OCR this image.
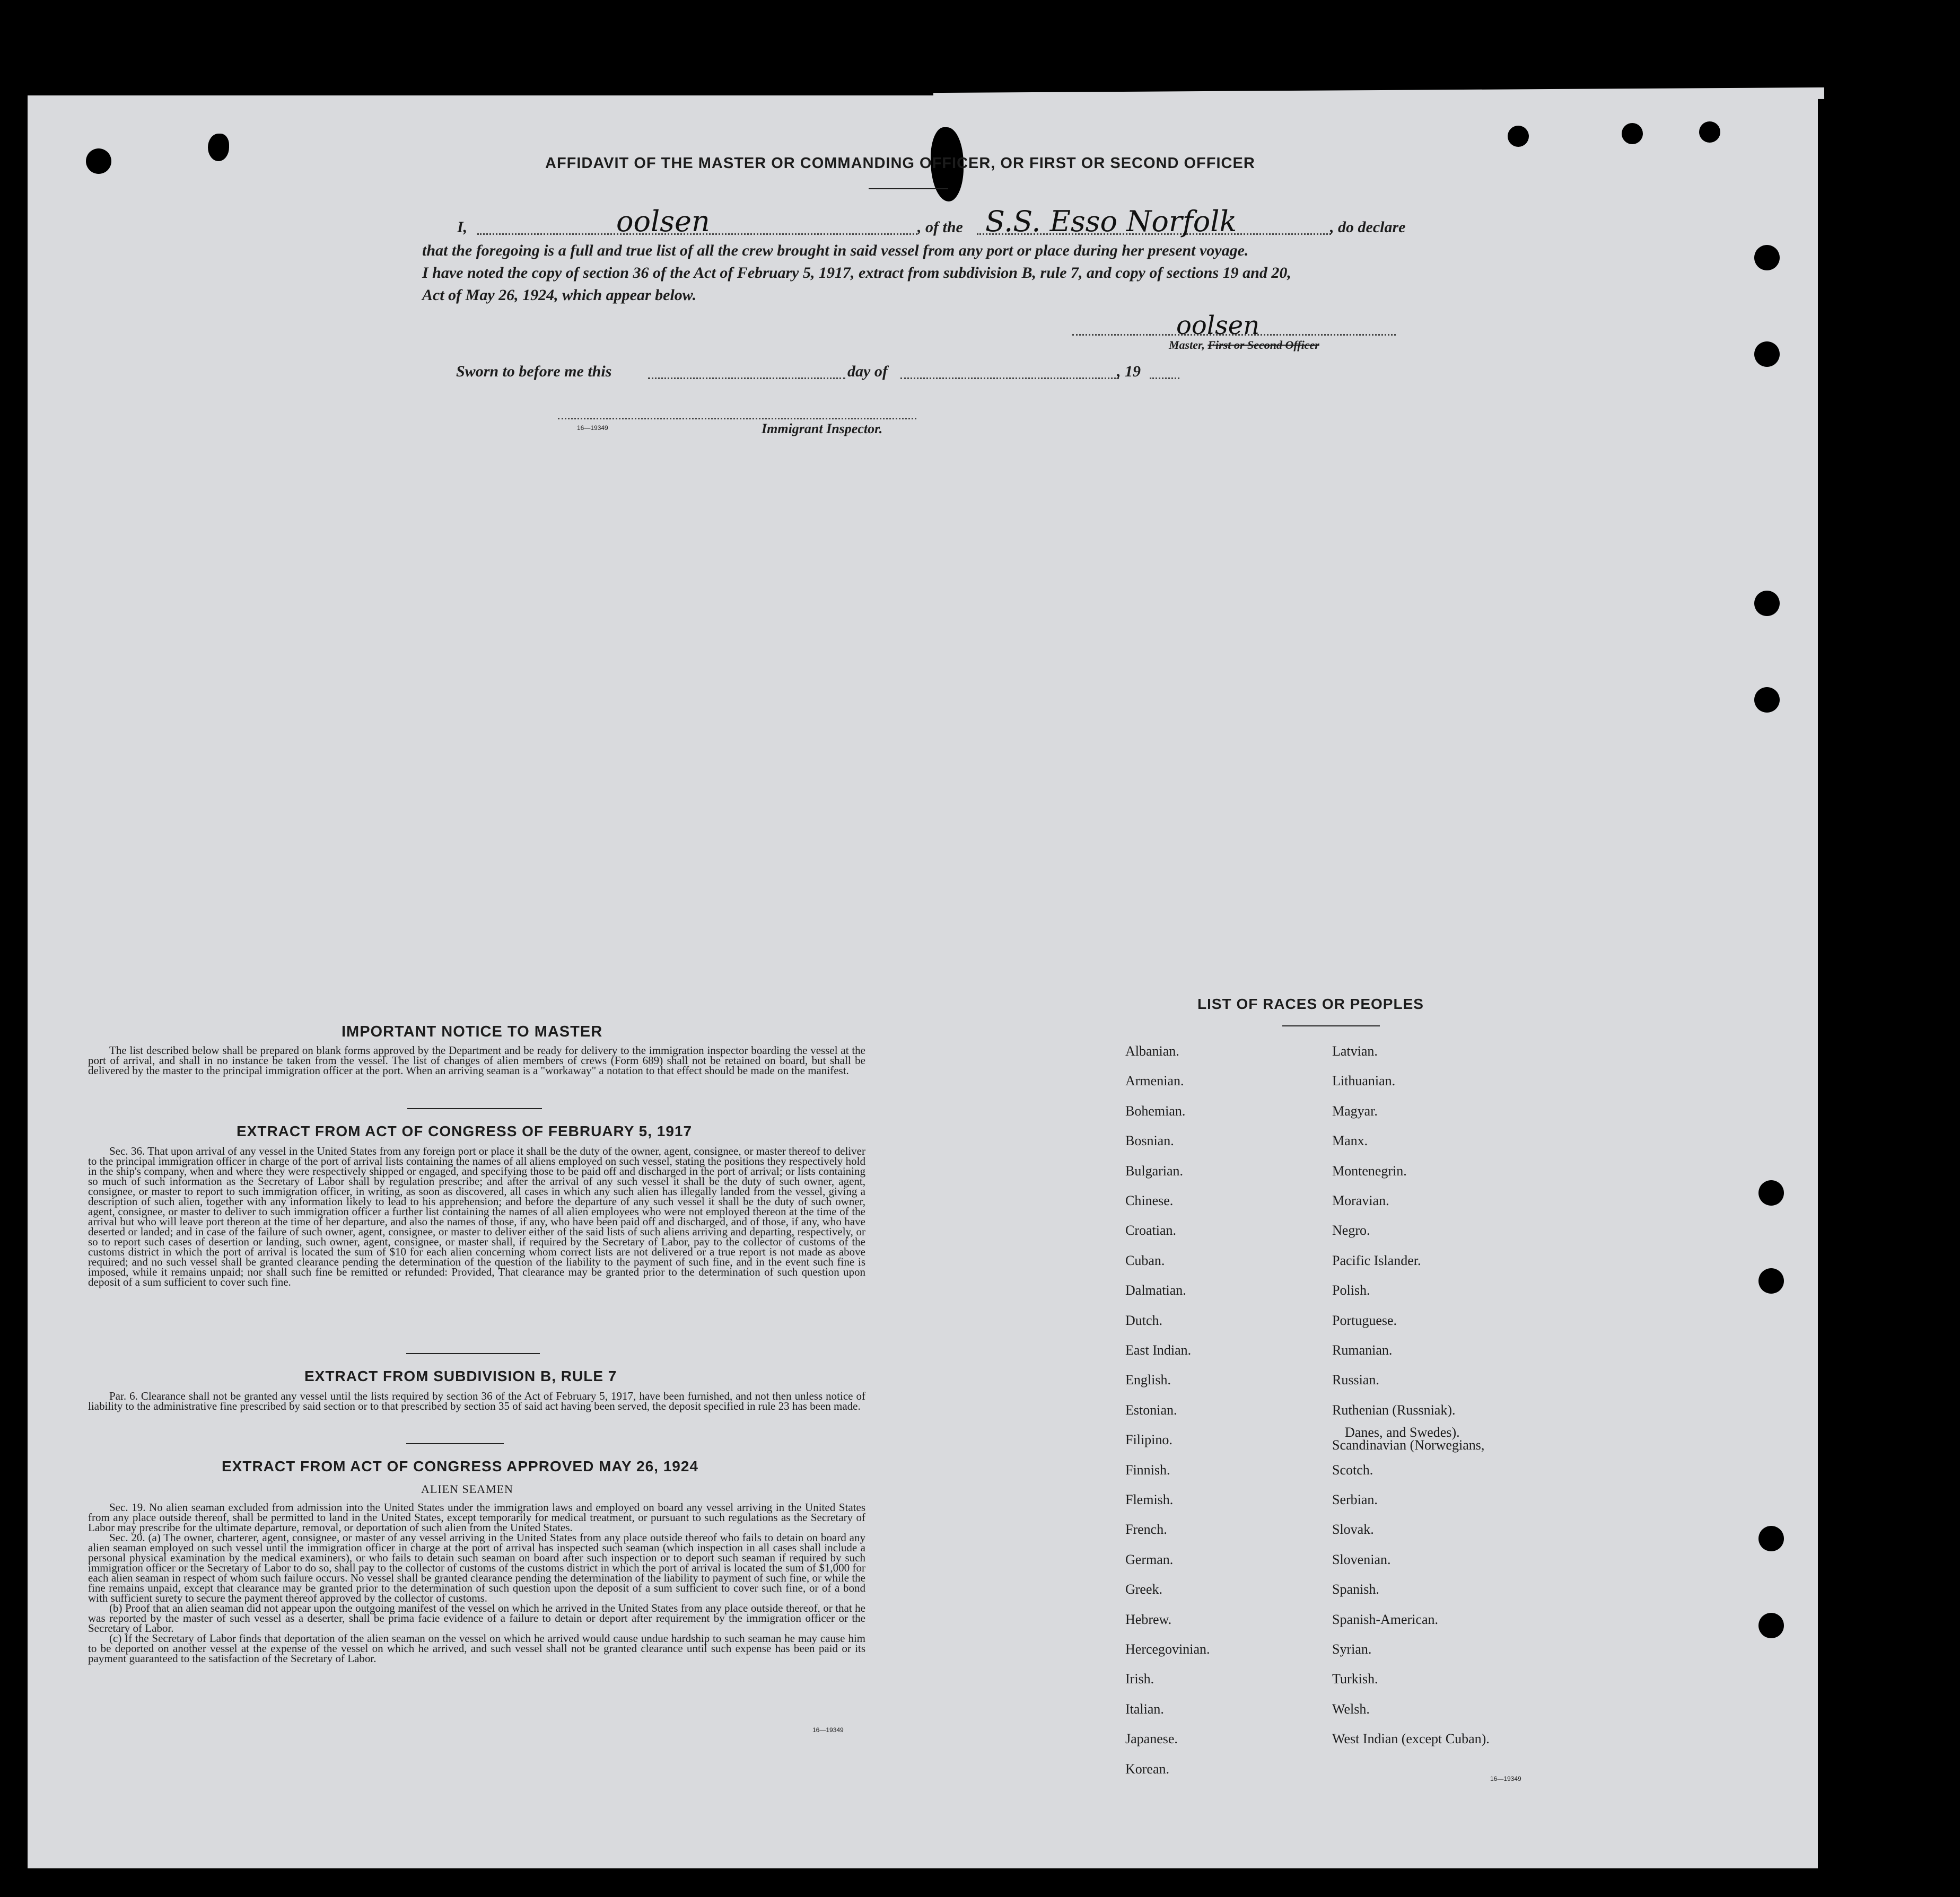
AFFIDAVIT OF THE MASTER OR COMMANDING OFFICER, OR FIRST OR SECOND OFFICER
I,	oolsen	, of the S.S. Esso Norfolk	, do declare
that the foregoing is a full and true list of all the crew brought in said vessel from any port or place during her present voyage.
I have noted the copy of section 36 of the Act of February 5, 1917, extract from subdivision B, rule 7, and copy of sections 19 and 20,
Act of May 26, 1924, which appear below.
oolsen
Master, First or Second Officer
Sworn to before me this	day of	, 19
16—19349	Immigrant Inspector.
IMPORTANT NOTICE TO MASTER

The list described below shall be prepared on blank forms approved by the Department and be ready for delivery to the immigration inspector boarding the vessel at the port of arrival, and shall in no instance be taken from the vessel. The list of changes of alien members of crews (Form 689) shall not be retained on board, but shall be delivered by the master to the principal immigration officer at the port. When an arriving seaman is a "workaway" a notation to that effect should be made on the manifest.

EXTRACT FROM ACT OF CONGRESS OF FEBRUARY 5, 1917

Sec. 36. That upon arrival of any vessel in the United States from any foreign port or place it shall be the duty of the owner, agent, consignee, or master thereof to deliver to the principal immigration officer in charge of the port of arrival lists containing the names of all aliens employed on such vessel, stating the positions they respectively hold in the ship's company, when and where they were respectively shipped or engaged, and specifying those to be paid off and discharged in the port of arrival; or lists containing so much of such information as the Secretary of Labor shall by regulation prescribe; and after the arrival of any such vessel it shall be the duty of such owner, agent, consignee, or master to report to such immigration officer, in writing, as soon as discovered, all cases in which any such alien has illegally landed from the vessel, giving a description of such alien, together with any information likely to lead to his apprehension; and before the departure of any such vessel it shall be the duty of such owner, agent, consignee, or master to deliver to such immigration officer a further list containing the names of all alien employees who were not employed thereon at the time of the arrival but who will leave port thereon at the time of her departure, and also the names of those, if any, who have been paid off and discharged, and of those, if any, who have deserted or landed; and in case of the failure of such owner, agent, consignee, or master to deliver either of the said lists of such aliens arriving and departing, respectively, or so to report such cases of desertion or landing, such owner, agent, consignee, or master shall, if required by the Secretary of Labor, pay to the collector of customs of the customs district in which the port of arrival is located the sum of $10 for each alien concerning whom correct lists are not delivered or a true report is not made as above required; and no such vessel shall be granted clearance pending the determination of the question of the liability to the payment of such fine, and in the event such fine is imposed, while it remains unpaid; nor shall such fine be remitted or refunded: Provided, That clearance may be granted prior to the determination of such question upon deposit of a sum sufficient to cover such fine.

EXTRACT FROM SUBDIVISION B, RULE 7

Par. 6. Clearance shall not be granted any vessel until the lists required by section 36 of the Act of February 5, 1917, have been furnished, and not then unless notice of liability to the administrative fine prescribed by said section or to that prescribed by section 35 of said act having been served, the deposit specified in rule 23 has been made.

EXTRACT FROM ACT OF CONGRESS APPROVED MAY 26, 1924
ALIEN SEAMEN

Sec. 19. No alien seaman excluded from admission into the United States under the immigration laws and employed on board any vessel arriving in the United States from any place outside thereof, shall be permitted to land in the United States, except temporarily for medical treatment, or pursuant to such regulations as the Secretary of Labor may prescribe for the ultimate departure, removal, or deportation of such alien from the United States.

Sec. 20. (a) The owner, charterer, agent, consignee, or master of any vessel arriving in the United States from any place outside thereof who fails to detain on board any alien seaman employed on such vessel until the immigration officer in charge at the port of arrival has inspected such seaman (which inspection in all cases shall include a personal physical examination by the medical examiners), or who fails to detain such seaman on board after such inspection or to deport such seaman if required by such immigration officer or the Secretary of Labor to do so, shall pay to the collector of customs of the customs district in which the port of arrival is located the sum of $1,000 for each alien seaman in respect of whom such failure occurs. No vessel shall be granted clearance pending the determination of the liability to payment of such fine, or while the fine remains unpaid, except that clearance may be granted prior to the determination of such question upon the deposit of a sum sufficient to cover such fine, or of a bond with sufficient surety to secure the payment thereof approved by the collector of customs.

(b) Proof that an alien seaman did not appear upon the outgoing manifest of the vessel on which he arrived in the United States from any place outside thereof, or that he was reported by the master of such vessel as a deserter, shall be prima facie evidence of a failure to detain or deport after requirement by the immigration officer or the Secretary of Labor.

(c) If the Secretary of Labor finds that deportation of the alien seaman on the vessel on which he arrived would cause undue hardship to such seaman he may cause him to be deported on another vessel at the expense of the vessel on which he arrived, and such vessel shall not be granted clearance until such expense has been paid or its payment guaranteed to the satisfaction of the Secretary of Labor.

16—19349
LIST OF RACES OR PEOPLES
Albanian.
Armenian.
Bohemian.
Bosnian.
Bulgarian.
Chinese.
Croatian.
Cuban.
Dalmatian.
Dutch.
East Indian.
English.
Estonian.
Filipino.
Finnish.
Flemish.
French.
German.
Greek.
Hebrew.
Hercegovinian.
Irish.
Italian.
Japanese.
Korean.
Latvian.
Lithuanian.
Magyar.
Manx.
Montenegrin.
Moravian.
Negro.
Pacific Islander.
Polish.
Portuguese.
Rumanian.
Russian.
Ruthenian (Russniak).
Scandinavian (Norwegians,
Danes, and Swedes).
Scotch.
Serbian.
Slovak.
Slovenian.
Spanish.
Spanish-American.
Syrian.
Turkish.
Welsh.
West Indian (except Cuban).
16—19349
